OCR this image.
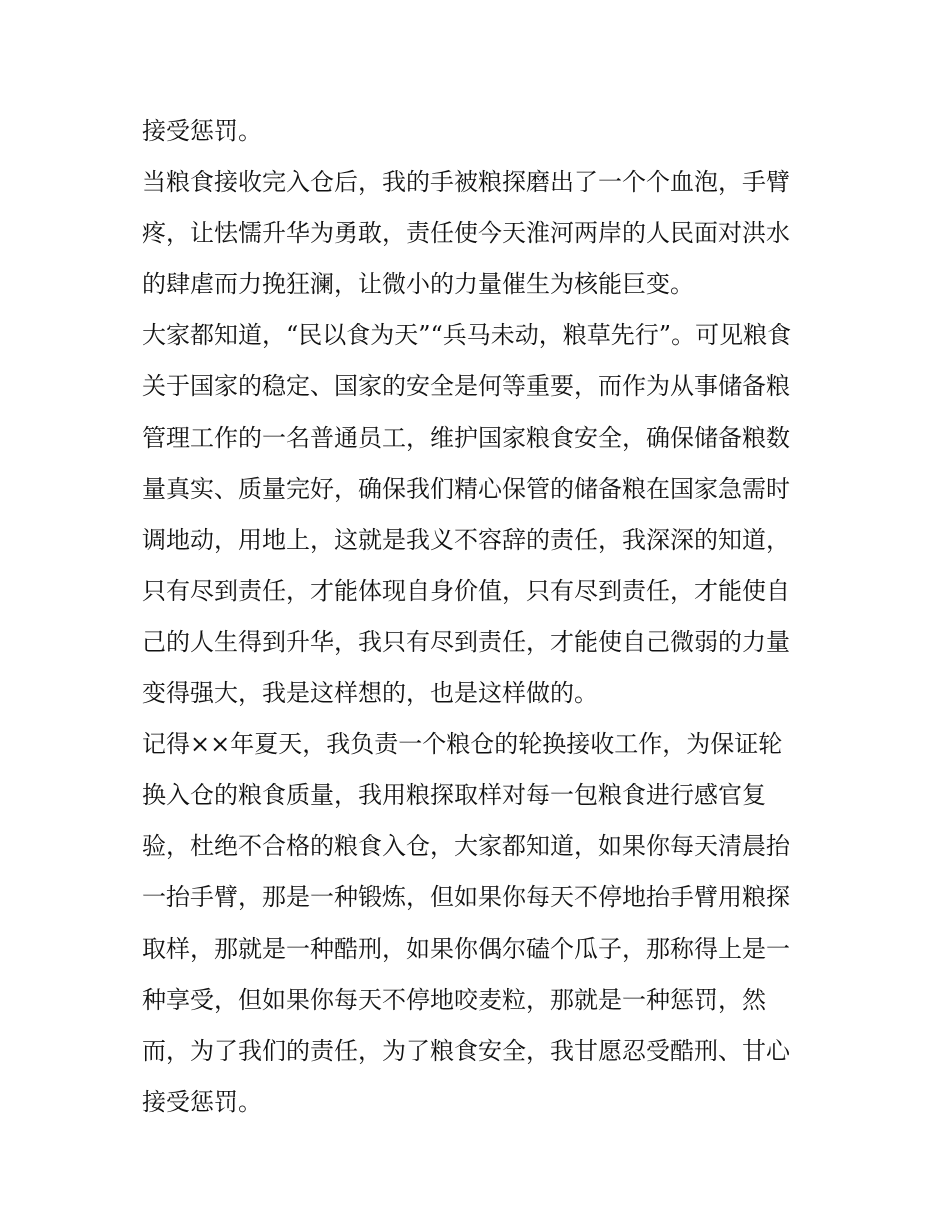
接受惩罚。
当粮食接收完入仓后，我的手被粮探磨出了一个个血泡，手臂
疼，让怯懦升华为勇敢，责任使今天淮河两岸的人民面对洪水
的肆虐而力挽狂澜，让微小的力量催生为核能巨变。
大家都知道，“民以食为天”“兵马未动，粮草先行”。可见粮食
关于国家的稳定、国家的安全是何等重要，而作为从事储备粮
管理工作的一名普通员工，维护国家粮食安全，确保储备粮数
量真实、质量完好，确保我们精心保管的储备粮在国家急需时
调地动，用地上，这就是我义不容辞的责任，我深深的知道，
只有尽到责任，才能体现自身价值，只有尽到责任，才能使自
己的人生得到升华，我只有尽到责任，才能使自己微弱的力量
变得强大，我是这样想的，也是这样做的。
记得××年夏天，我负责一个粮仓的轮换接收工作，为保证轮
换入仓的粮食质量，我用粮探取样对每一包粮食进行感官复
验，杜绝不合格的粮食入仓，大家都知道，如果你每天清晨抬
一抬手臂，那是一种锻炼，但如果你每天不停地抬手臂用粮探
取样，那就是一种酷刑，如果你偶尔磕个瓜子，那称得上是一
种享受，但如果你每天不停地咬麦粒，那就是一种惩罚，然
而，为了我们的责任，为了粮食安全，我甘愿忍受酷刑、甘心
接受惩罚。
